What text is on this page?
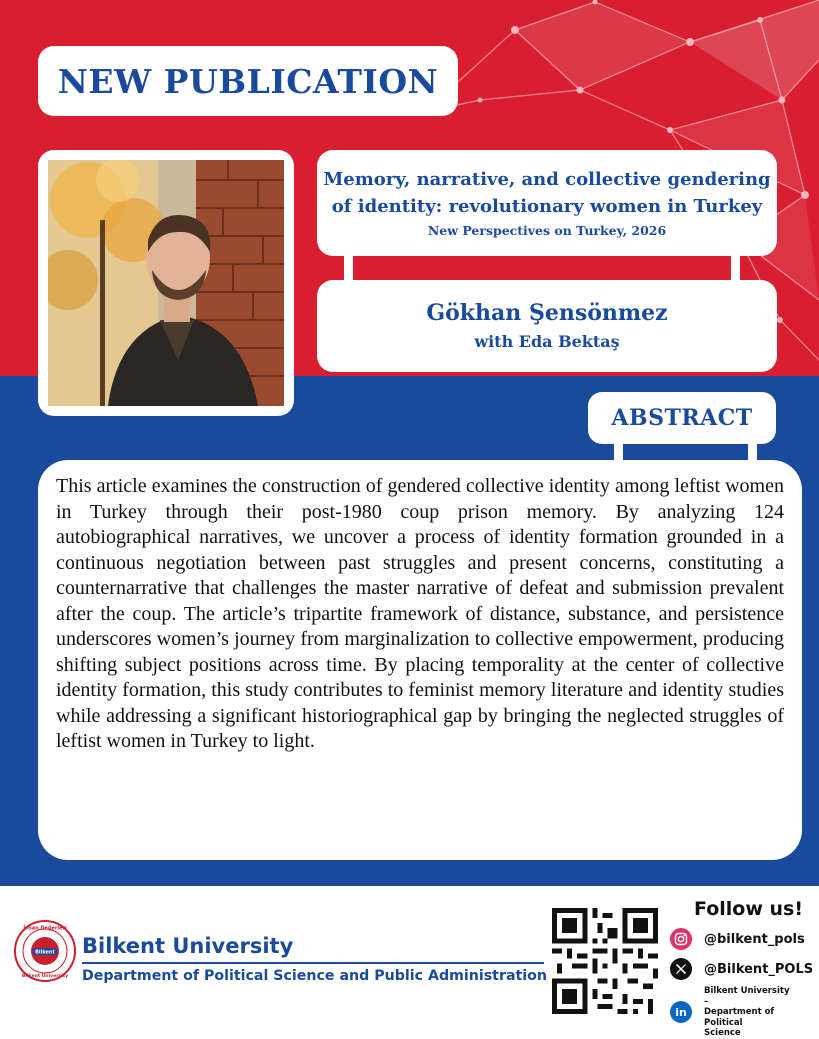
NEW PUBLICATION
Memory, narrative, and collective gendering
of identity: revolutionary women in Turkey
New Perspectives on Turkey, 2026
Gökhan Şensönmez
with Eda Bektaş
ABSTRACT

This article examines the construction of gendered collective identity among leftist women in Turkey through their post-1980 coup prison memory. By analyzing 124 autobiographical narratives, we uncover a process of identity formation grounded in a continuous negotiation between past struggles and present concerns, constituting a counternarrative that challenges the master narrative of defeat and submission prevalent after the coup. The article’s tripartite framework of distance, substance, and persistence underscores women’s journey from marginalization to collective empowerment, producing shifting subject positions across time. By placing temporality at the center of collective identity formation, this study contributes to feminist memory literature and identity studies while addressing a significant historiographical gap by bringing the neglected struggles of leftist women in Turkey to light.

Bilkent
İnsan Değerleri
Bilkent University
Bilkent University
Department of Political Science and Public Administration
Follow us!
@bilkent_pols
@Bilkent_POLS
in
Bilkent University –
Department of Political
Science
